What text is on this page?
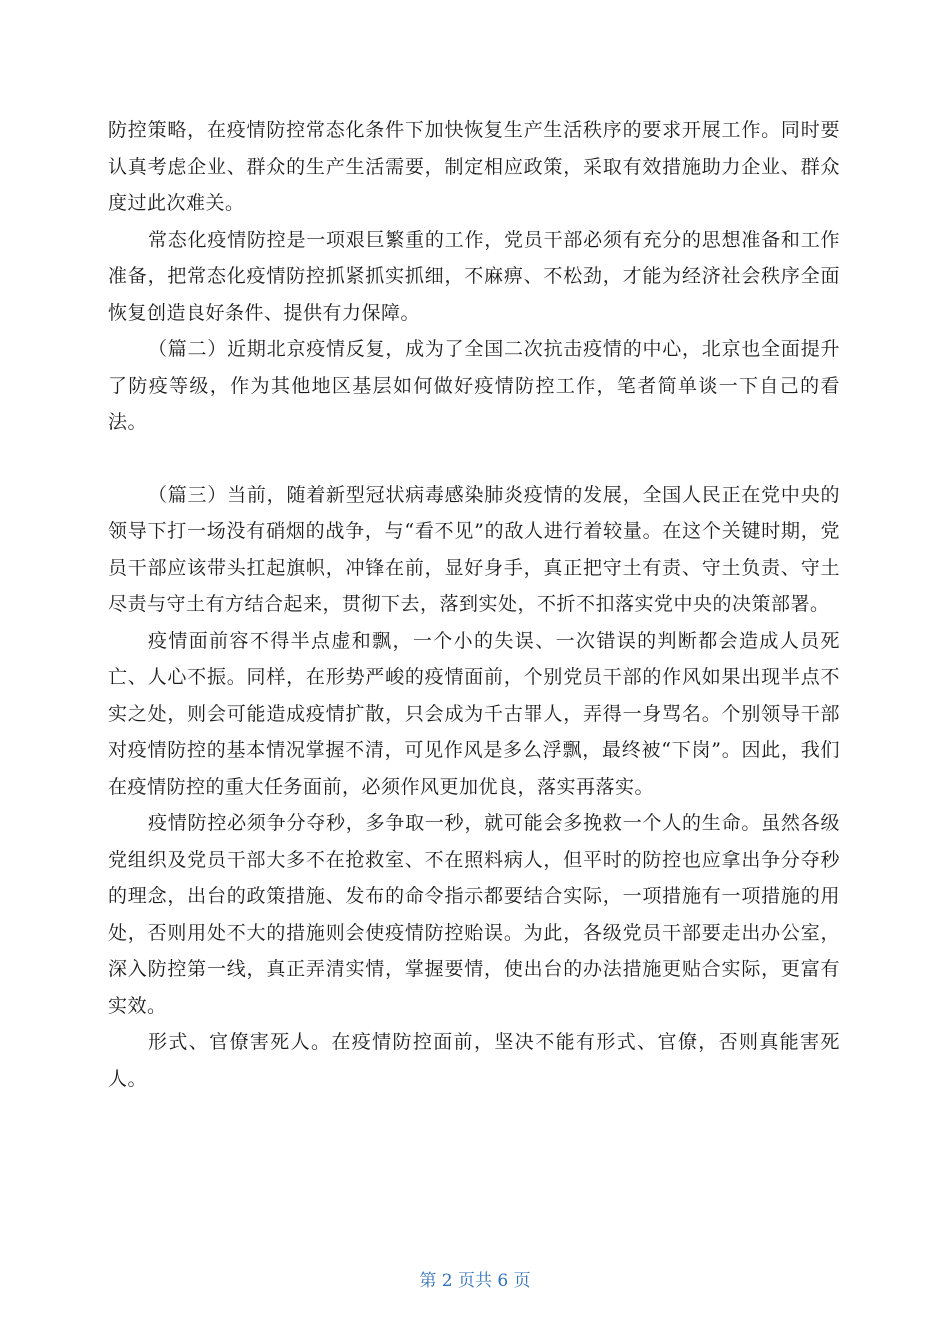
防控策略，在疫情防控常态化条件下加快恢复生产生活秩序的要求开展工作。同时要认真考虑企业、群众的生产生活需要，制定相应政策，采取有效措施助力企业、群众度过此次难关。

常态化疫情防控是一项艰巨繁重的工作，党员干部必须有充分的思想准备和工作准备，把常态化疫情防控抓紧抓实抓细，不麻痹、不松劲，才能为经济社会秩序全面恢复创造良好条件、提供有力保障。

（篇二）近期北京疫情反复，成为了全国二次抗击疫情的中心，北京也全面提升了防疫等级，作为其他地区基层如何做好疫情防控工作，笔者简单谈一下自己的看法。

（篇三）当前，随着新型冠状病毒感染肺炎疫情的发展，全国人民正在党中央的领导下打一场没有硝烟的战争，与“看不见”的敌人进行着较量。在这个关键时期，党员干部应该带头扛起旗帜，冲锋在前，显好身手，真正把守土有责、守土负责、守土尽责与守土有方结合起来，贯彻下去，落到实处，不折不扣落实党中央的决策部署。

疫情面前容不得半点虚和飘，一个小的失误、一次错误的判断都会造成人员死亡、人心不振。同样，在形势严峻的疫情面前，个别党员干部的作风如果出现半点不实之处，则会可能造成疫情扩散，只会成为千古罪人，弄得一身骂名。个别领导干部对疫情防控的基本情况掌握不清，可见作风是多么浮飘，最终被“下岗”。因此，我们在疫情防控的重大任务面前，必须作风更加优良，落实再落实。

疫情防控必须争分夺秒，多争取一秒，就可能会多挽救一个人的生命。虽然各级党组织及党员干部大多不在抢救室、不在照料病人，但平时的防控也应拿出争分夺秒的理念，出台的政策措施、发布的命令指示都要结合实际，一项措施有一项措施的用处，否则用处不大的措施则会使疫情防控贻误。为此，各级党员干部要走出办公室，深入防控第一线，真正弄清实情，掌握要情，使出台的办法措施更贴合实际，更富有实效。

形式、官僚害死人。在疫情防控面前，坚决不能有形式、官僚，否则真能害死人。

第 2 页共 6 页
